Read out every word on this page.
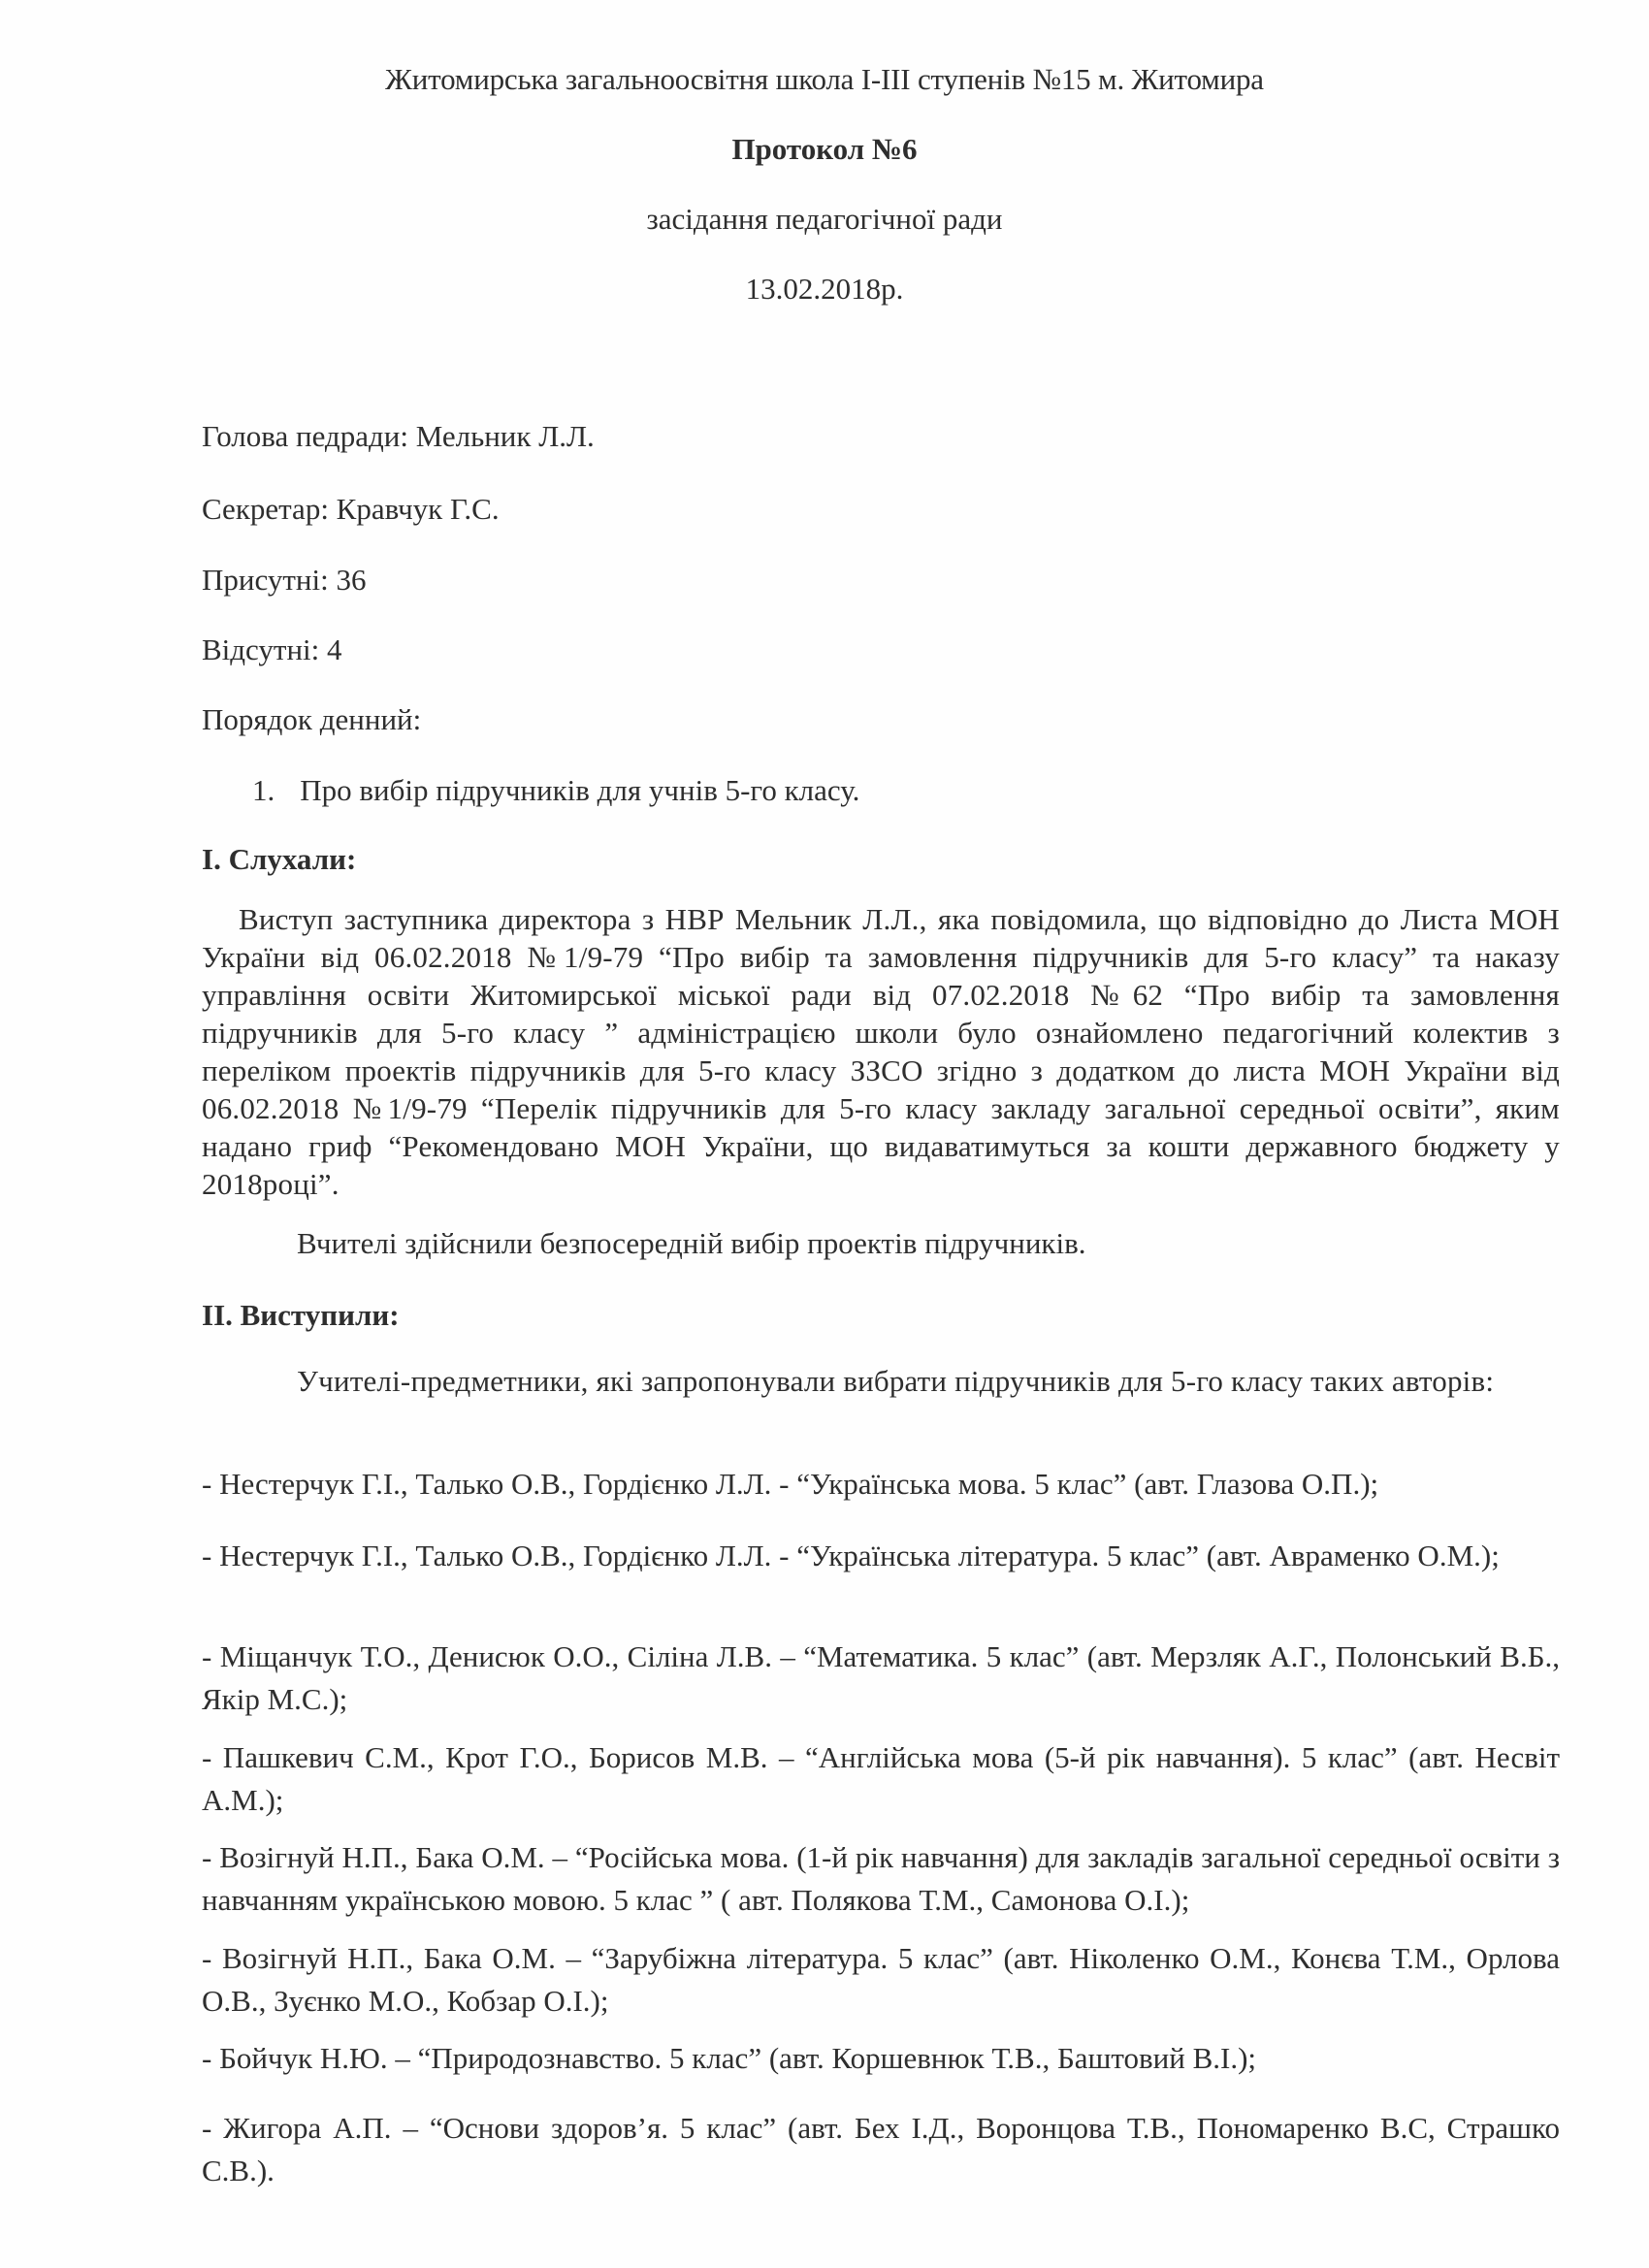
Житомирська загальноосвітня школа І-ІІІ ступенів №15 м. Житомира
Протокол №6
засідання педагогічної ради
13.02.2018р.
Голова педради: Мельник Л.Л.
Секретар: Кравчук Г.С.
Присутні: 36
Відсутні: 4
Порядок денний:
1. Про вибір підручників для учнів 5-го класу.
І. Слухали:
Виступ заступника директора з НВР Мельник Л.Л., яка повідомила, що відповідно до Листа МОН України від 06.02.2018 №1/9-79 “Про вибір та замовлення підручників для 5-го класу” та наказу управління освіти Житомирської міської ради від 07.02.2018 №62 “Про вибір та замовлення підручників для 5-го класу ” адміністрацією школи було ознайомлено педагогічний колектив з переліком проектів підручників для 5-го класу ЗЗСО згідно з додатком до листа МОН України від 06.02.2018 №1/9-79 “Перелік підручників для 5-го класу закладу загальної середньої освіти”, яким надано гриф “Рекомендовано МОН України, що видаватимуться за кошти державного бюджету у 2018році”.
Вчителі здійснили безпосередній вибір проектів підручників.
ІІ. Виступили:
Учителі-предметники, які запропонували вибрати підручників для 5-го класу таких авторів:
- Нестерчук Г.І., Талько О.В., Гордієнко Л.Л. - “Українська мова. 5 клас” (авт. Глазова О.П.);
- Нестерчук Г.І., Талько О.В., Гордієнко Л.Л. - “Українська література. 5 клас” (авт. Авраменко О.М.);
- Міщанчук Т.О., Денисюк О.О., Сіліна Л.В. – “Математика. 5 клас” (авт. Мерзляк А.Г., Полонський В.Б., Якір М.С.);
- Пашкевич С.М., Крот Г.О., Борисов М.В. – “Англійська мова (5-й рік навчання). 5 клас” (авт. Несвіт А.М.);
- Возігнуй Н.П., Бака О.М. – “Російська мова. (1-й рік навчання) для закладів загальної середньої освіти з навчанням українською мовою. 5 клас ” ( авт. Полякова Т.М., Самонова О.І.);
- Возігнуй Н.П., Бака О.М. – “Зарубіжна література. 5 клас” (авт. Ніколенко О.М., Конєва Т.М., Орлова О.В., Зуєнко М.О., Кобзар О.І.);
- Бойчук Н.Ю. – “Природознавство. 5 клас” (авт. Коршевнюк Т.В., Баштовий В.І.);
- Жигора А.П. – “Основи здоров’я. 5 клас” (авт. Бех І.Д., Воронцова Т.В., Пономаренко В.С, Страшко С.В.).
